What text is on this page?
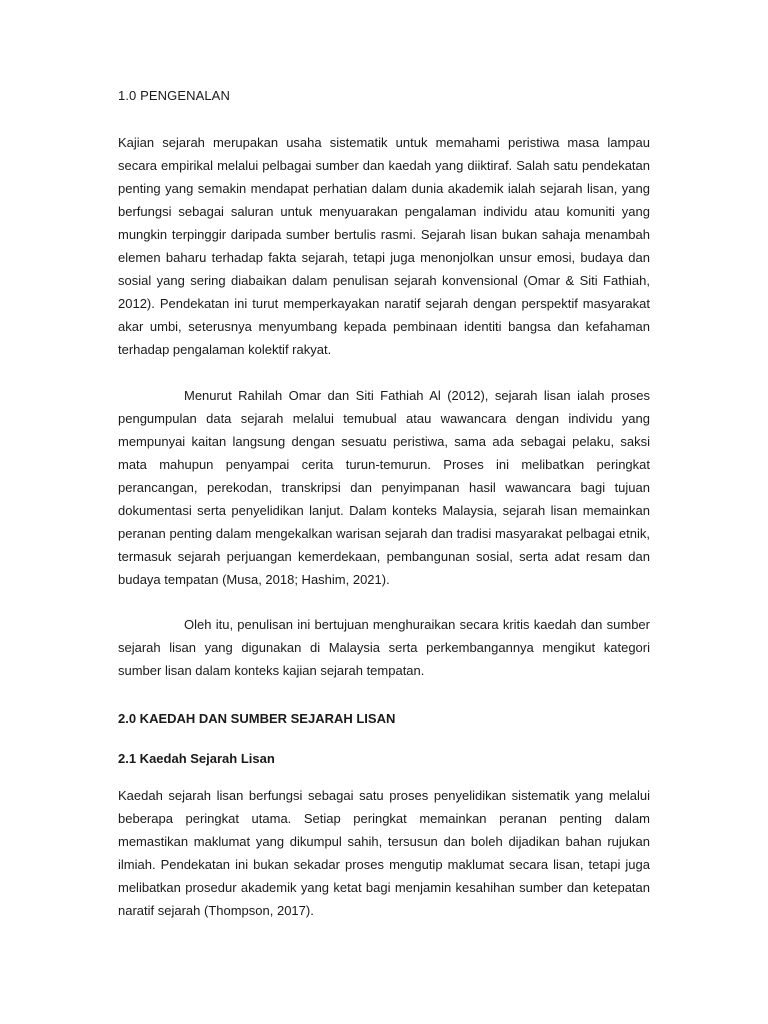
1.0 PENGENALAN

Kajian sejarah merupakan usaha sistematik untuk memahami peristiwa masa lampau secara empirikal melalui pelbagai sumber dan kaedah yang diiktiraf. Salah satu pendekatan penting yang semakin mendapat perhatian dalam dunia akademik ialah sejarah lisan, yang berfungsi sebagai saluran untuk menyuarakan pengalaman individu atau komuniti yang mungkin terpinggir daripada sumber bertulis rasmi. Sejarah lisan bukan sahaja menambah elemen baharu terhadap fakta sejarah, tetapi juga menonjolkan unsur emosi, budaya dan sosial yang sering diabaikan dalam penulisan sejarah konvensional (Omar & Siti Fathiah, 2012). Pendekatan ini turut memperkayakan naratif sejarah dengan perspektif masyarakat akar umbi, seterusnya menyumbang kepada pembinaan identiti bangsa dan kefahaman terhadap pengalaman kolektif rakyat.

Menurut Rahilah Omar dan Siti Fathiah Al (2012), sejarah lisan ialah proses pengumpulan data sejarah melalui temubual atau wawancara dengan individu yang mempunyai kaitan langsung dengan sesuatu peristiwa, sama ada sebagai pelaku, saksi mata mahupun penyampai cerita turun-temurun. Proses ini melibatkan peringkat perancangan, perekodan, transkripsi dan penyimpanan hasil wawancara bagi tujuan dokumentasi serta penyelidikan lanjut. Dalam konteks Malaysia, sejarah lisan memainkan peranan penting dalam mengekalkan warisan sejarah dan tradisi masyarakat pelbagai etnik, termasuk sejarah perjuangan kemerdekaan, pembangunan sosial, serta adat resam dan budaya tempatan (Musa, 2018; Hashim, 2021).

Oleh itu, penulisan ini bertujuan menghuraikan secara kritis kaedah dan sumber sejarah lisan yang digunakan di Malaysia serta perkembangannya mengikut kategori sumber lisan dalam konteks kajian sejarah tempatan.

2.0 KAEDAH DAN SUMBER SEJARAH LISAN
2.1 Kaedah Sejarah Lisan

Kaedah sejarah lisan berfungsi sebagai satu proses penyelidikan sistematik yang melalui beberapa peringkat utama. Setiap peringkat memainkan peranan penting dalam memastikan maklumat yang dikumpul sahih, tersusun dan boleh dijadikan bahan rujukan ilmiah. Pendekatan ini bukan sekadar proses mengutip maklumat secara lisan, tetapi juga melibatkan prosedur akademik yang ketat bagi menjamin kesahihan sumber dan ketepatan naratif sejarah (Thompson, 2017).
